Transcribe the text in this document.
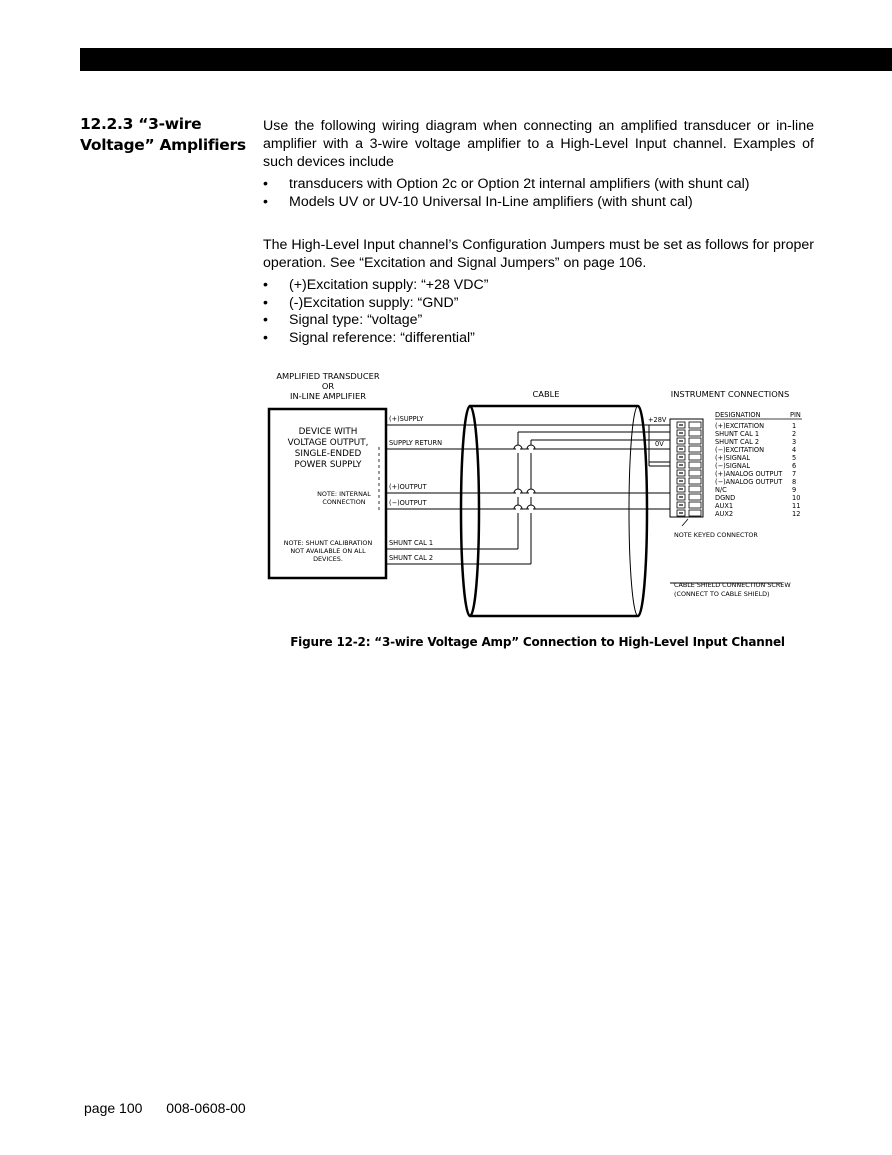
12.2.3 “3-wire
Voltage” Amplifiers
Use the following wiring diagram when connecting an amplified transducer or in-line amplifier with a 3-wire voltage amplifier to a High-Level Input channel. Examples of such devices include
• transducers with Option 2c or Option 2t internal amplifiers (with shunt cal)
• Models UV or UV-10 Universal In-Line amplifiers (with shunt cal)
The High-Level Input channel’s Configuration Jumpers must be set as follows for proper operation. See “Excitation and Signal Jumpers” on page 106.
• (+)Excitation supply: “+28 VDC”
• (-)Excitation supply: “GND”
• Signal type: “voltage”
• Signal reference: “differential”
AMPLIFIED TRANSDUCER
OR
IN-LINE AMPLIFIER	CABLE	INSTRUMENT CONNECTIONS
DEVICE WITH
VOLTAGE OUTPUT,
SINGLE-ENDED
POWER SUPPLY
NOTE: INTERNAL
CONNECTION
NOTE: SHUNT CALIBRATION
NOT AVAILABLE ON ALL
DEVICES.
(+)SUPPLY
SUPPLY RETURN
(+)OUTPUT
(−)OUTPUT
SHUNT CAL 1
SHUNT CAL 2
+28V
0V
NOTE KEYED CONNECTOR
DESIGNATION	PIN
(+)EXCITATION	1
SHUNT CAL 1	2
SHUNT CAL 2	3
(−)EXCITATION	4
(+)SIGNAL	5
(−)SIGNAL	6
(+)ANALOG OUTPUT 7
(−)ANALOG OUTPUT 8
N/C	9
DGND	10
AUX1	11
AUX2	12
CABLE SHIELD CONNECTION SCREW
(CONNECT TO CABLE SHIELD)
Figure 12-2: “3-wire Voltage Amp” Connection to High-Level Input Channel
page 100 008-0608-00
